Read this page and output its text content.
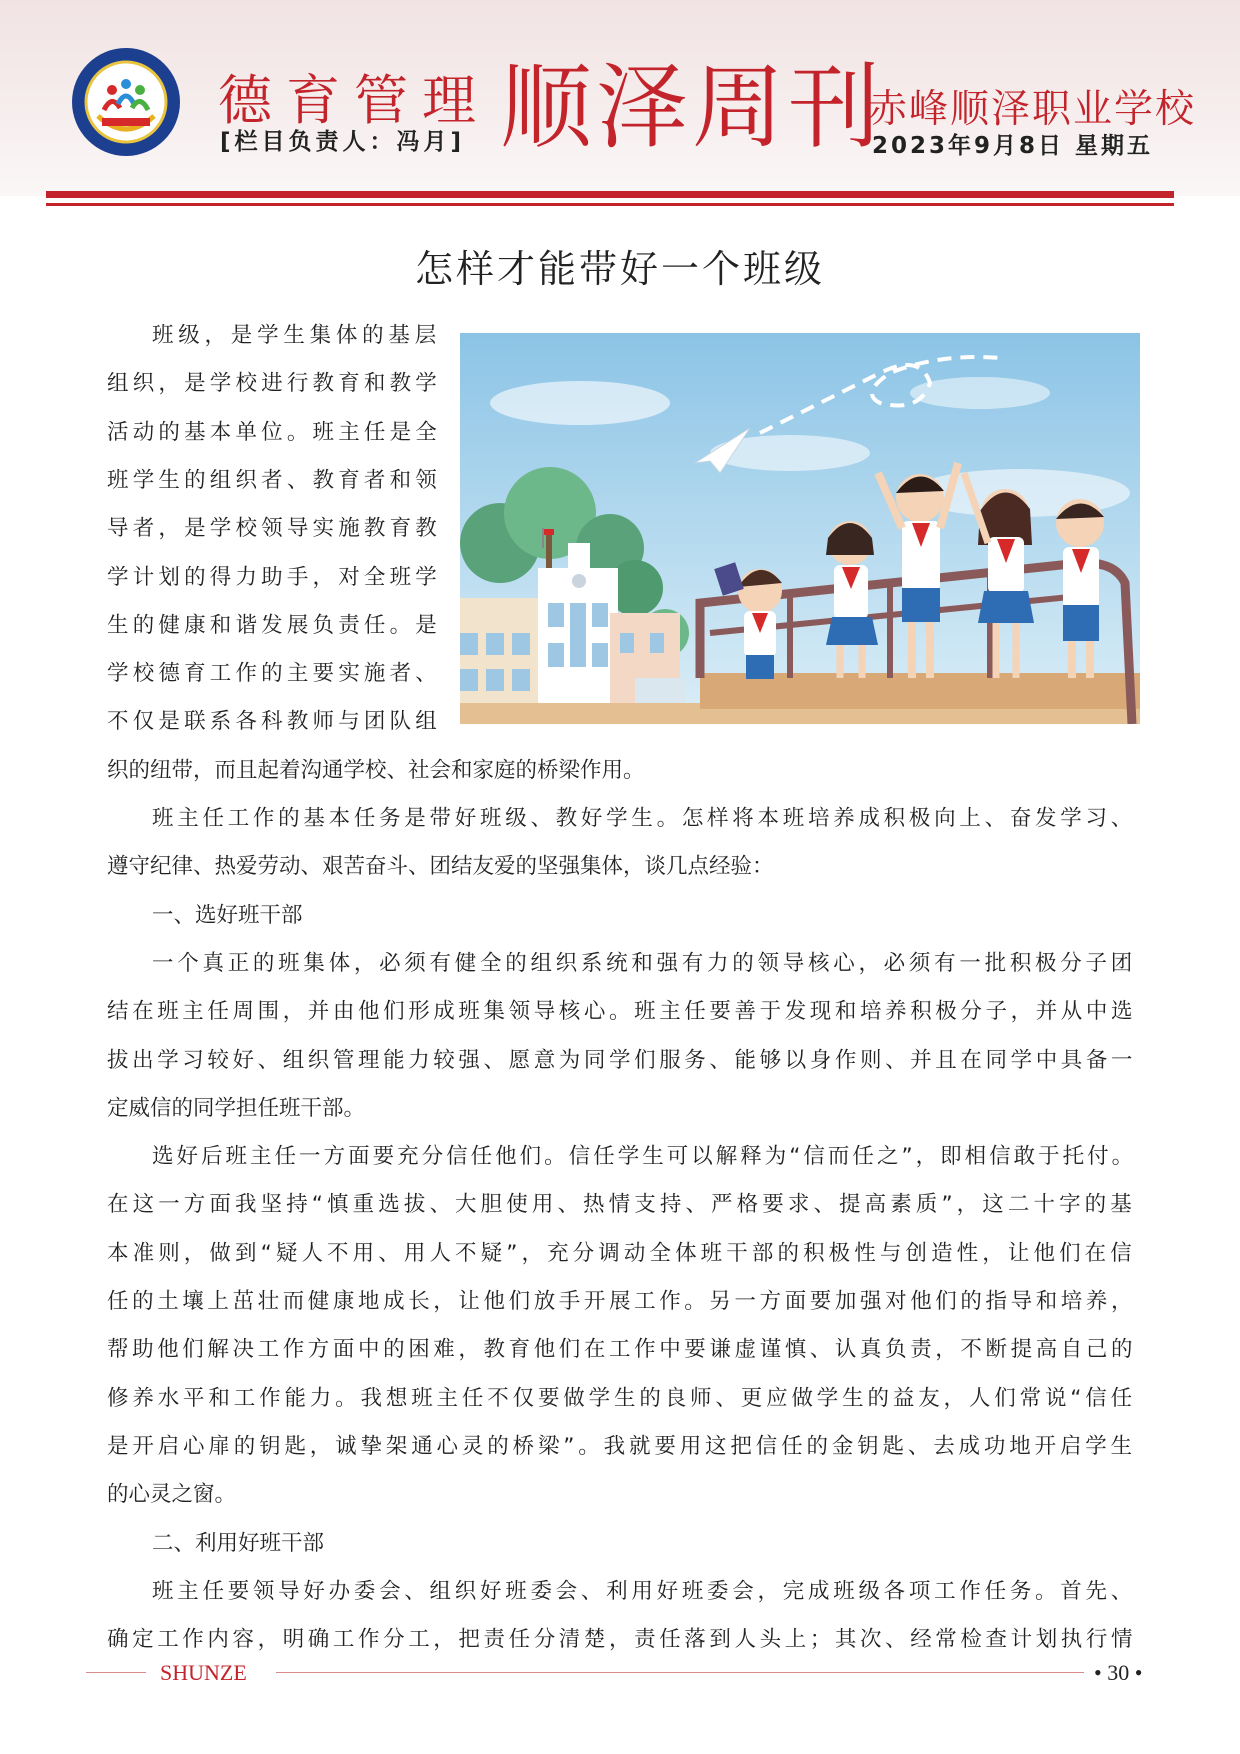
德育管理
[栏目负责人：冯月] 顺泽周刊
赤峰顺泽职业学校
2023年9月8日 星期五
怎样才能带好一个班级
班级，是学生集体的基层
组织，是学校进行教育和教学
活动的基本单位。班主任是全
班学生的组织者、教育者和领
导者，是学校领导实施教育教
学计划的得力助手，对全班学
生的健康和谐发展负责任。是
学校德育工作的主要实施者、
不仅是联系各科教师与团队组
织的纽带，而且起着沟通学校、社会和家庭的桥梁作用。
班主任工作的基本任务是带好班级、教好学生。怎样将本班培养成积极向上、奋发学习、
遵守纪律、热爱劳动、艰苦奋斗、团结友爱的坚强集体，谈几点经验：
一、选好班干部
一个真正的班集体，必须有健全的组织系统和强有力的领导核心，必须有一批积极分子团
结在班主任周围，并由他们形成班集领导核心。班主任要善于发现和培养积极分子，并从中选
拔出学习较好、组织管理能力较强、愿意为同学们服务、能够以身作则、并且在同学中具备一
定威信的同学担任班干部。
选好后班主任一方面要充分信任他们。信任学生可以解释为“信而任之”，即相信敢于托付。
在这一方面我坚持“慎重选拔、大胆使用、热情支持、严格要求、提高素质”，这二十字的基
本准则，做到“疑人不用、用人不疑”，充分调动全体班干部的积极性与创造性，让他们在信
任的土壤上茁壮而健康地成长，让他们放手开展工作。另一方面要加强对他们的指导和培养，
帮助他们解决工作方面中的困难，教育他们在工作中要谦虚谨慎、认真负责，不断提高自己的
修养水平和工作能力。我想班主任不仅要做学生的良师、更应做学生的益友，人们常说“信任
是开启心扉的钥匙，诚挚架通心灵的桥梁”。我就要用这把信任的金钥匙、去成功地开启学生
的心灵之窗。
二、利用好班干部
班主任要领导好办委会、组织好班委会、利用好班委会，完成班级各项工作任务。首先、
确定工作内容，明确工作分工，把责任分清楚，责任落到人头上；其次、经常检查计划执行情
SHUNZE	• 30 •
